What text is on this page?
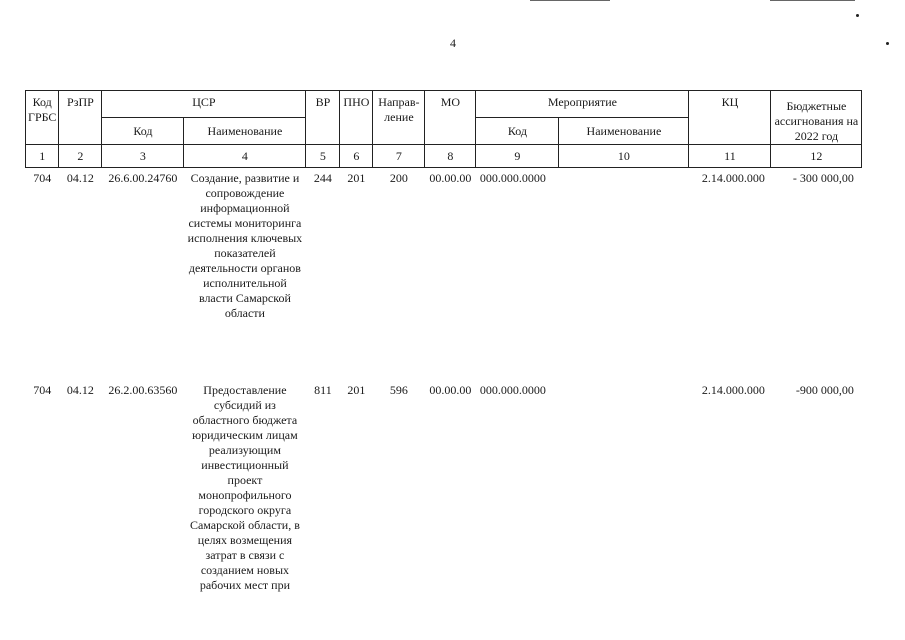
4
Код ГРБС	РзПР	ЦСР		ВР	ПНО	Направ-ление	МО	Мероприятие		КЦ	Бюджетные ассигнования на 2022 год
		Код	Наименование					Код	Наименование		
1	2	3	4	5	6	7	8	9	10	11	12
704	04.12	26.6.00.24760	Создание, развитие и сопровождение информационной системы мониторинга исполнения ключевых показателей деятельности органов исполнительной власти Самарской области	244	201	200	00.00.00	000.000.0000		2.14.000.000	- 300 000,00
704	04.12	26.2.00.63560	Предоставление субсидий из областного бюджета юридическим лицам реализующим инвестиционный проект монопрофильного городского округа Самарской области, в целях возмещения затрат в связи с созданием новых рабочих мест при	811	201	596	00.00.00	000.000.0000		2.14.000.000	-900 000,00
